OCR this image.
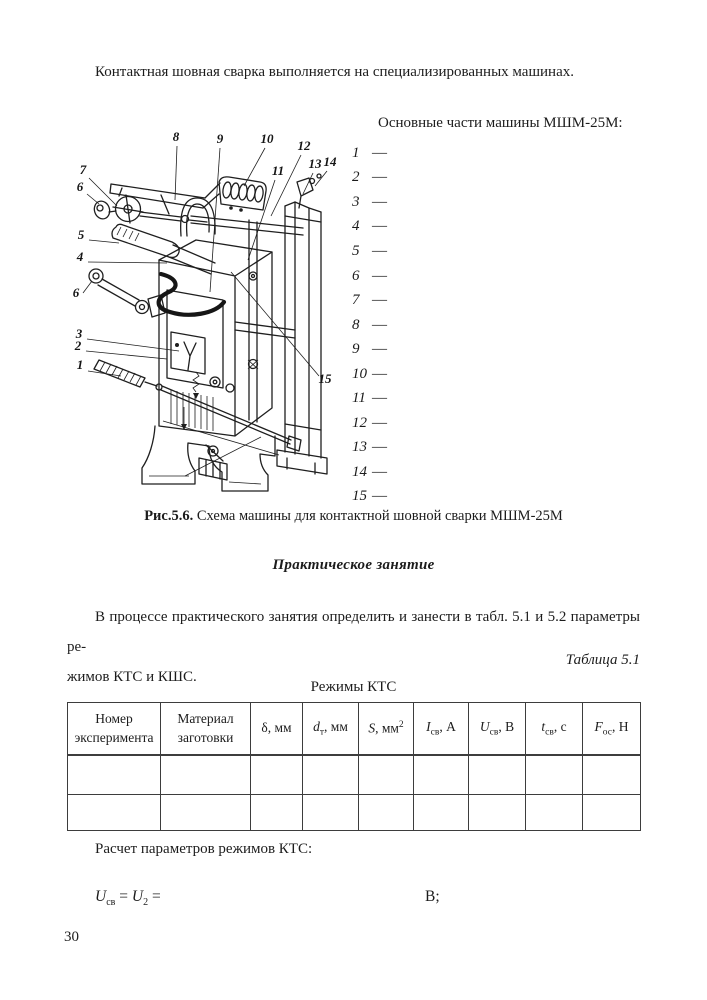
Контактная шовная сварка выполняется на специализированных машинах.
Основные части машины МШМ-25М:
1 —
2 —
3 —
4 —
5 —
6 —
7 —
8 —
9 —
10 —
11 —
12 —
13 —
14 —
15 —
7
6
8	9	10
11
12
13 14
5
4
6
3
2
1
15
Рис.5.6. Схема машины для контактной шовной сварки МШМ-25М
Практическое занятие
В процессе практического занятия определить и занести в табл. 5.1 и 5.2 параметры ре-
жимов КТС и КШС.
Таблица 5.1
Режимы КТС
Номер эксперимента	Материал заготовки	δ, мм	$d_т$, мм	S, $мм^2$	$I_{св}$, А	$U_{св}$, В	$t_{св}$, с	$F_{ос}$, Н

Расчет параметров режимов КТС:
$U_{св} = U_2$ =	В;
30
